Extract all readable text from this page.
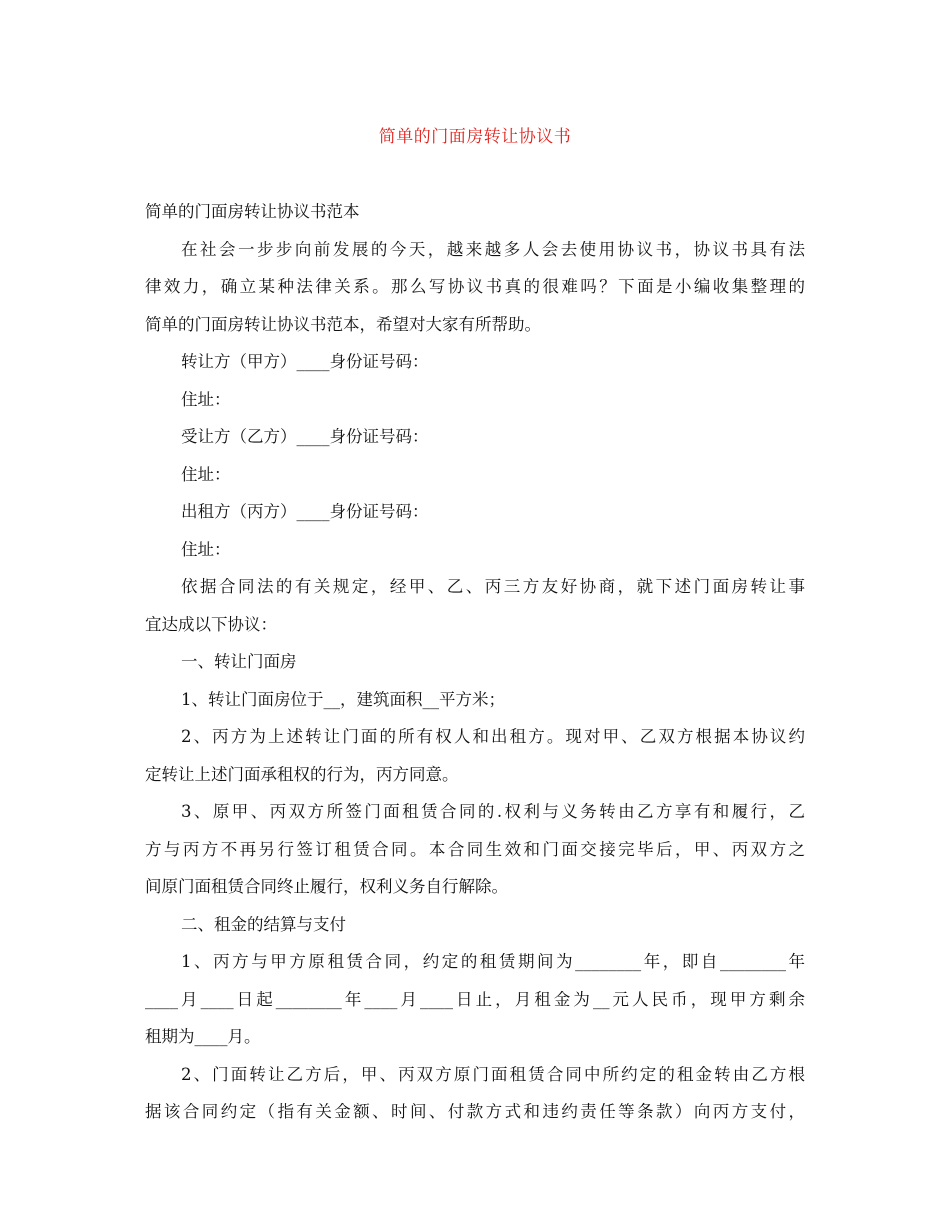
简单的门面房转让协议书
简单的门面房转让协议书范本
在社会一步步向前发展的今天，越来越多人会去使用协议书，协议书具有法
律效力，确立某种法律关系。那么写协议书真的很难吗？下面是小编收集整理的
简单的门面房转让协议书范本，希望对大家有所帮助。
转让方（甲方）____身份证号码：
住址：
受让方（乙方）____身份证号码：
住址：
出租方（丙方）____身份证号码：
住址：
依据合同法的有关规定，经甲、乙、丙三方友好协商，就下述门面房转让事
宜达成以下协议：
一、转让门面房
1、转让门面房位于__，建筑面积__平方米；
2、丙方为上述转让门面的所有权人和出租方。现对甲、乙双方根据本协议约
定转让上述门面承租权的行为，丙方同意。
3、原甲、丙双方所签门面租赁合同的.权利与义务转由乙方享有和履行，乙
方与丙方不再另行签订租赁合同。本合同生效和门面交接完毕后，甲、丙双方之
间原门面租赁合同终止履行，权利义务自行解除。
二、租金的结算与支付
1、丙方与甲方原租赁合同，约定的租赁期间为________年，即自________年
____月____日起________年____月____日止，月租金为__元人民币，现甲方剩余
租期为____月。
2、门面转让乙方后，甲、丙双方原门面租赁合同中所约定的租金转由乙方根
据该合同约定（指有关金额、时间、付款方式和违约责任等条款）向丙方支付，
